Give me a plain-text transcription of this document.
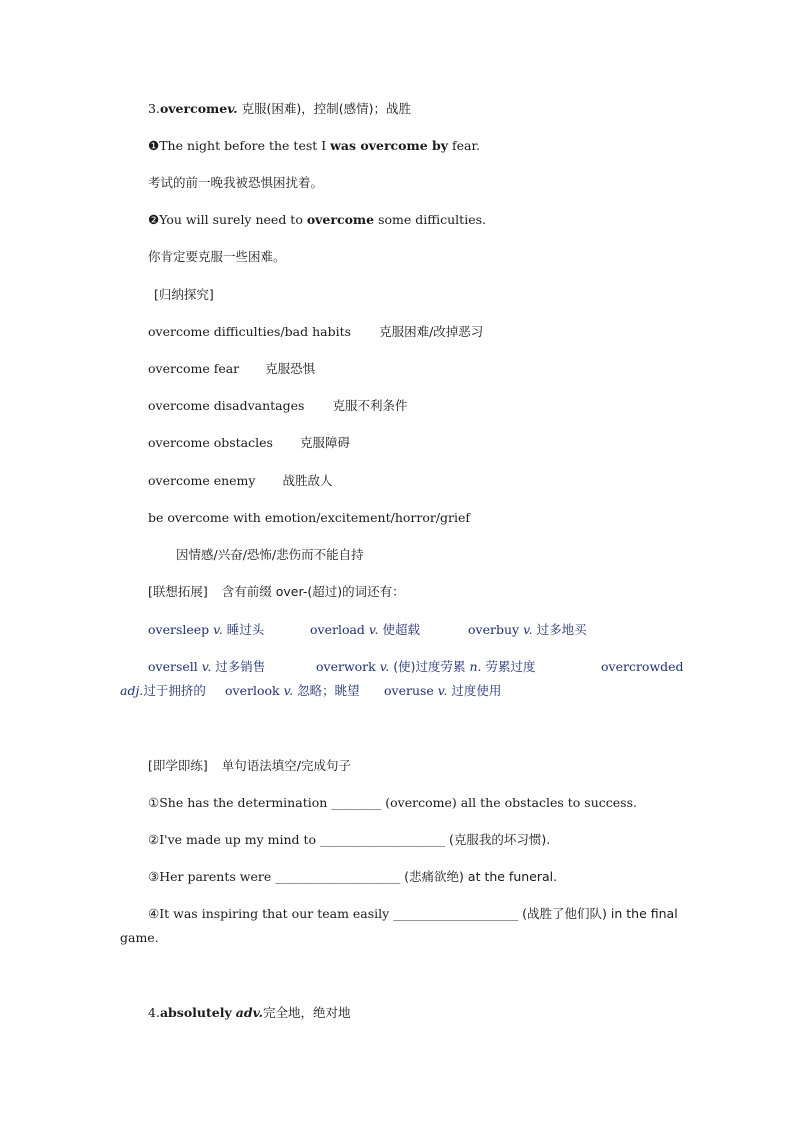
3.overcomev. 克服(困难)，控制(感情)；战胜
❶The night before the test I was overcome by fear.
考试的前一晚我被恐惧困扰着。
❷You will surely need to overcome some difficulties.
你肯定要克服一些困难。
[归纳探究]
overcome difficulties/bad habits 克服困难/改掉恶习
overcome fear 克服恐惧
overcome disadvantages 克服不利条件
overcome obstacles 克服障碍
overcome enemy 战胜敌人
be overcome with emotion/excitement/horror/grief
因情感/兴奋/恐怖/悲伤而不能自持
[联想拓展] 含有前缀 over-(超过)的词还有：
oversleep v. 睡过头	overload v. 使超载	overbuy v. 过多地买
oversell v. 过多销售	overwork v. (使)过度劳累 n. 劳累过度	overcrowded
adj.过于拥挤的 overlook v. 忽略；眺望 overuse v. 过度使用
[即学即练] 单句语法填空/完成句子
①She has the determination ________ (overcome) all the obstacles to success.
②I've made up my mind to ____________________ (克服我的坏习惯).
③Her parents were ____________________ (悲痛欲绝) at the funeral.
④It was inspiring that our team easily ____________________ (战胜了他们队) in the final
game.
4.absolutely adv.完全地，绝对地
